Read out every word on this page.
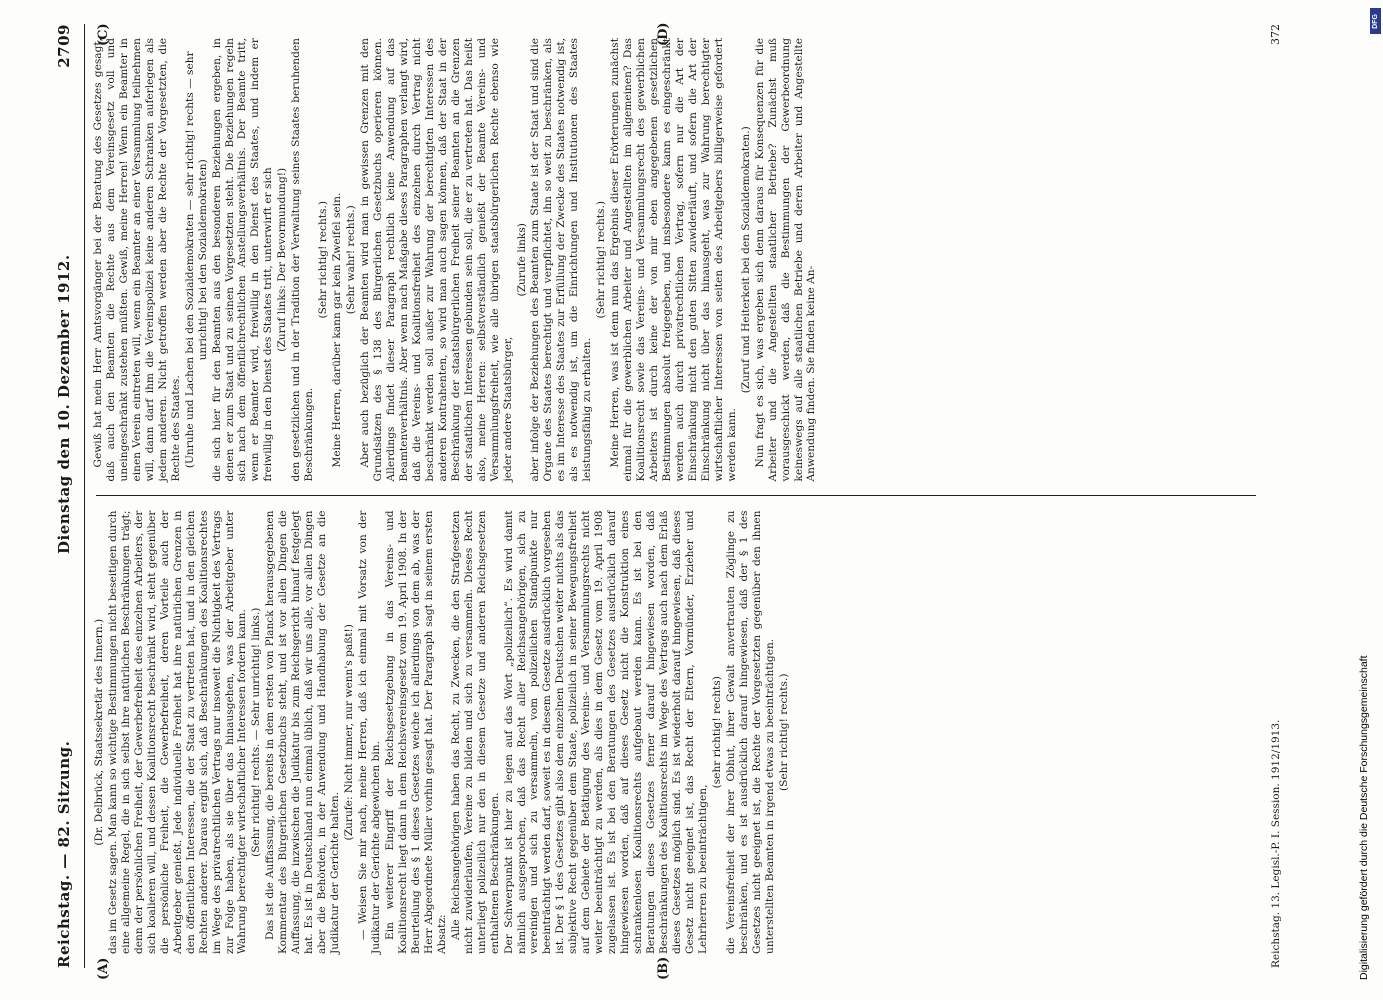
Reichstag. — 82. Sitzung.
Dienstag den 10. Dezember 1912.
2709

(Dr. Delbrück, Staatssekretär des Innern.) das im Gesetz sagen. Man kann so wichtige Bestimmungen nicht beseitigen durch eine allgemeine Regel, die in sich selbst ihre natürlichen Beschränkungen trägt; denn der persönlichen Freiheit, der Gewerbefreiheit des einzelnen Arbeiters, der sich koalieren will, und dessen Koalitionsrecht beschränkt wird, steht gegenüber die persönliche Freiheit, die Gewerbefreiheit, deren Vorteile auch der Arbeitgeber genießt. Jede individuelle Freiheit hat ihre natürlichen Grenzen in den öffentlichen Interessen, die der Staat zu vertreten hat, und in den gleichen Rechten anderer. Daraus ergibt sich, daß Beschränkungen des Koalitionsrechtes im Wege des privatrechtlichen Vertrags nur insoweit die Nichtigkeit des Vertrags zur Folge haben, als sie über das hinausgehen, was der Arbeitgeber unter Wahrung berechtigter wirtschaftlicher Interessen fordern kann. (Sehr richtig! rechts. — Sehr unrichtig! links.) Das ist die Auffassung, die bereits in dem ersten von Planck herausgegebenen Kommentar des Bürgerlichen Gesetzbuchs steht, und ist vor allen Dingen die Auffassung, die inzwischen die Judikatur bis zum Reichsgericht hinauf festgelegt hat. Es ist in Deutschland nun einmal üblich, daß wir uns alle, vor allen Dingen aber die Behörden, in der Anwendung und Handhabung der Gesetze an die Judikatur der Gerichte halten.

(Zurufe: Nicht immer, nur wenn's paßt!) — Weisen Sie mir nach, meine Herren, daß ich einmal mit Vorsatz von der Judikatur der Gerichte abgewichen bin. Ein weiterer Eingriff der Reichsgesetzgebung in das Vereins- und Koalitionsrecht liegt dann in dem Reichsvereinsgesetz vom 19. April 1908. In der Beurteilung des § 1 dieses Gesetzes weiche ich allerdings von dem ab, was der Herr Abgeordnete Müller vorhin gesagt hat. Der Paragraph sagt in seinem ersten Absatz: Alle Reichsangehörigen haben das Recht, zu Zwecken, die den Strafgesetzen nicht zuwiderlaufen, Vereine zu bilden und sich zu versammeln. Dieses Recht unterliegt polizeilich nur den in diesem Gesetze und anderen Reichsgesetzen enthaltenen Beschränkungen. Der Schwerpunkt ist hier zu legen auf das Wort „polizeilich“. Es wird damit nämlich ausgesprochen, daß das Recht aller Reichsangehörigen, sich zu vereinigen und sich zu versammeln, vom polizeilichen Standpunkte nur beeinträchtigt werden darf, soweit es in diesem Gesetze ausdrücklich vorgesehen ist. Der § 1 des Gesetzes gibt also dem einzelnen Deutschen weiter nichts als das subjektive Recht gegenüber dem Staate, polizeilich in seiner Bewegungsfreiheit auf dem Gebiete der Betätigung des Vereins- und Versammlungsrechts nicht weiter beeinträchtigt zu werden, als dies in dem Gesetz vom 19. April 1908 zugelassen ist. Es ist bei den Beratungen des Gesetzes ausdrücklich darauf hingewiesen worden, daß auf dieses Gesetz nicht die Konstruktion eines schrankenlosen Koalitionsrechts aufgebaut werden kann. Es ist bei den Beratungen dieses Gesetzes ferner darauf hingewiesen worden, daß Beschränkungen des Koalitionsrechts im Wege des Vertrags auch nach dem Erlaß dieses Gesetzes möglich sind. Es ist wiederholt darauf hingewiesen, daß dieses Gesetz nicht geeignet ist, das Recht der Eltern, Vormünder, Erzieher und Lehrherren zu beeinträchtigen,

(sehr richtig! rechts) die Vereinsfreiheit der ihrer Obhut, ihrer Gewalt anvertrauten Zöglinge zu beschränken, und es ist ausdrücklich darauf hingewiesen, daß der § 1 des Gesetzes nicht geeignet ist, die Rechte der Vorgesetzten gegenüber den ihnen unterstellten Beamten in irgend etwas zu beeinträchtigen. (Sehr richtig! rechts.)

Gewiß hat mein Herr Amtsvorgänger bei der Beratung des Gesetzes gesagt, daß auch den Beamten die Rechte aus dem Vereinsgesetz voll und uneingeschränkt zustehen müßten. Gewiß, meine Herren! Wenn ein Beamter in einen Verein eintreten will, wenn ein Beamter an einer Versammlung teilnehmen will, dann darf ihm die Vereinspolizei keine anderen Schranken auferlegen als jedem anderen. Nicht getroffen werden aber die Rechte der Vorgesetzten, die Rechte des Staates. (Unruhe und Lachen bei den Sozialdemokraten — sehr richtig! rechts — sehr unrichtig! bei den Sozialdemokraten) die sich hier für den Beamten aus den besonderen Beziehungen ergeben, in denen er zum Staat und zu seinen Vorgesetzten steht. Die Beziehungen regeln sich nach dem öffentlichrechtlichen Anstellungsverhältnis. Der Beamte tritt, wenn er Beamter wird, freiwillig in den Dienst des Staates, und indem er freiwillig in den Dienst des Staates tritt, unterwirft er sich (Zuruf links: Der Bevormundung!) den gesetzlichen und in der Tradition der Verwaltung seines Staates beruhenden Beschränkungen.

(Sehr richtig! rechts.) Meine Herren, darüber kann gar kein Zweifel sein. (Sehr wahr! rechts.) Aber auch bezüglich der Beamten wird man in gewissen Grenzen mit den Grundsätzen des § 138 des Bürgerlichen Gesetzbuchs operieren können. Allerdings findet dieser Paragraph rechtlich keine Anwendung auf das Beamtenverhältnis. Aber wenn nach Maßgabe dieses Paragraphen verlangt wird, daß die Vereins- und Koalitionsfreiheit des einzelnen durch Vertrag nicht beschränkt werden soll außer zur Wahrung der berechtigten Interessen des anderen Kontrahenten, so wird man auch sagen können, daß der Staat in der Beschränkung der staatsbürgerlichen Freiheit seiner Beamten an die Grenzen der staatlichen Interessen gebunden sein soll, die er zu vertreten hat. Das heißt also, meine Herren: selbstverständlich genießt der Beamte Vereins- und Versammlungsfreiheit, wie alle übrigen staatsbürgerlichen Rechte ebenso wie jeder andere Staatsbürger,

(Zurufe links) aber infolge der Beziehungen des Beamten zum Staate ist der Staat und sind die Organe des Staates berechtigt und verpflichtet, ihn so weit zu beschränken, als es im Interesse des Staates zur Erfüllung der Zwecke des Staates notwendig ist, als es notwendig ist, um die Einrichtungen und Institutionen des Staates leistungsfähig zu erhalten.

(Sehr richtig! rechts.) Meine Herren, was ist denn nun das Ergebnis dieser Erörterungen zunächst einmal für die gewerblichen Arbeiter und Angestellten im allgemeinen? Das Koalitionsrecht sowie das Vereins- und Versammlungsrecht des gewerblichen Arbeiters ist durch keine der von mir eben angegebenen gesetzlichen Bestimmungen absolut freigegeben, und insbesondere kann es eingeschränkt werden auch durch privatrechtlichen Vertrag, sofern nur die Art der Einschränkung nicht den guten Sitten zuwiderläuft, und sofern die Art der Einschränkung nicht über das hinausgeht, was zur Wahrung berechtigter wirtschaftlicher Interessen von seiten des Arbeitgebers billigerweise gefordert werden kann.

(Zuruf und Heiterkeit bei den Sozialdemokraten.) Nun fragt es sich, was ergeben sich denn daraus für Konsequenzen für die Arbeiter und die Angestellten staatlicher Betriebe? Zunächst muß vorausgeschickt werden, daß die Bestimmungen der Gewerbeordnung keineswegs auf alle staatlichen Betriebe und deren Arbeiter und Angestellte Anwendung finden. Sie finden keine An-

(A)	(B)
(C)	(D)
Reichstag. 13. Legisl.-P. I. Session. 1912/1913.
372
Digitalisierung gefördert durch die Deutsche Forschungsgemeinschaft
DFG
